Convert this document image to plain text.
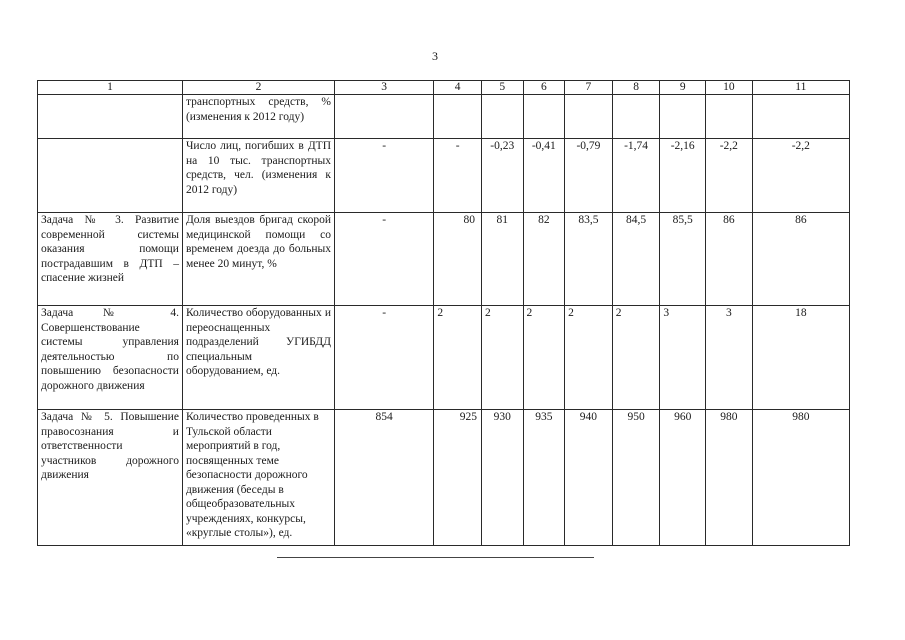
3
1	2	3	4	5	6	7	8	9	10	11
	транспортных средств, % (изменения к 2012 году)									
	Число лиц, погибших в ДТП на 10 тыс. транспортных средств, чел. (изменения к 2012 году)	-	-	-0,23	-0,41	-0,79	-1,74	-2,16	-2,2	-2,2
Задача № 3. Развитие современной системы оказания помощи пострадавшим в ДТП – спасение жизней	Доля выездов бригад скорой медицинской помощи со временем доезда до больных менее 20 минут, %	-	80	81	82	83,5	84,5	85,5	86	86
Задача № 4. Совершенствование системы управления деятельностью по повышению безопасности дорожного движения	Количество оборудованных и переоснащенных подразделений УГИБДД специальным оборудованием, ед.	-	2	2	2	2	2	3	3	18
Задача № 5. Повышение правосознания и ответственности участников дорожного движения	Количество проведенных в Тульской области мероприятий в год, посвященных теме безопасности дорожного движения (беседы в общеобразовательных учреждениях, конкурсы, «круглые столы»), ед.	854	925	930	935	940	950	960	980	980
